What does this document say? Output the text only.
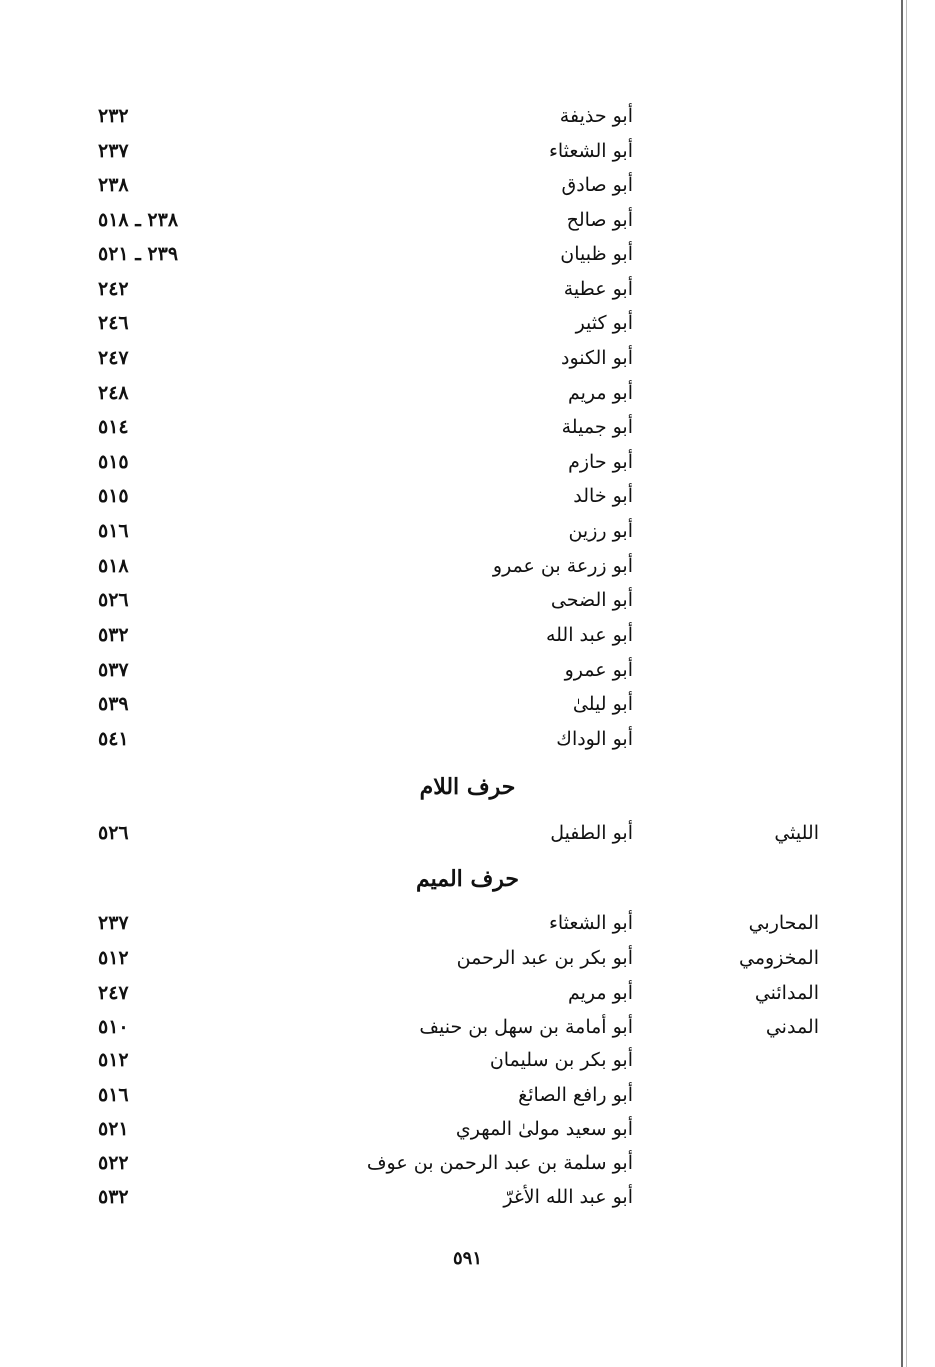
أبو حذيفة
٢٣٢
أبو الشعثاء
٢٣٧
أبو صادق
٢٣٨
أبو صالح
٢٣٨ ـ ٥١٨
أبو ظبيان
٢٣٩ ـ ٥٢١
أبو عطية
٢٤٢
أبو كثير
٢٤٦
أبو الكنود
٢٤٧
أبو مريم
٢٤٨
أبو جميلة
٥١٤
أبو حازم
٥١٥
أبو خالد
٥١٥
أبو رزين
٥١٦
أبو زرعة بن عمرو
٥١٨
أبو الضحى
٥٢٦
أبو عبد الله
٥٣٢
أبو عمرو
٥٣٧
أبو ليلىٰ
٥٣٩
أبو الوداك
٥٤١
حرف اللام
الليثي
أبو الطفيل
٥٢٦
حرف الميم
المحاربي
أبو الشعثاء
٢٣٧
المخزومي
أبو بكر بن عبد الرحمن
٥١٢
المدائني
أبو مريم
٢٤٧
المدني
أبو أمامة بن سهل بن حنيف
٥١٠
أبو بكر بن سليمان
٥١٢
أبو رافع الصائغ
٥١٦
أبو سعيد مولىٰ المهري
٥٢١
أبو سلمة بن عبد الرحمن بن عوف
٥٢٢
أبو عبد الله الأغرّ
٥٣٢
٥٩١
